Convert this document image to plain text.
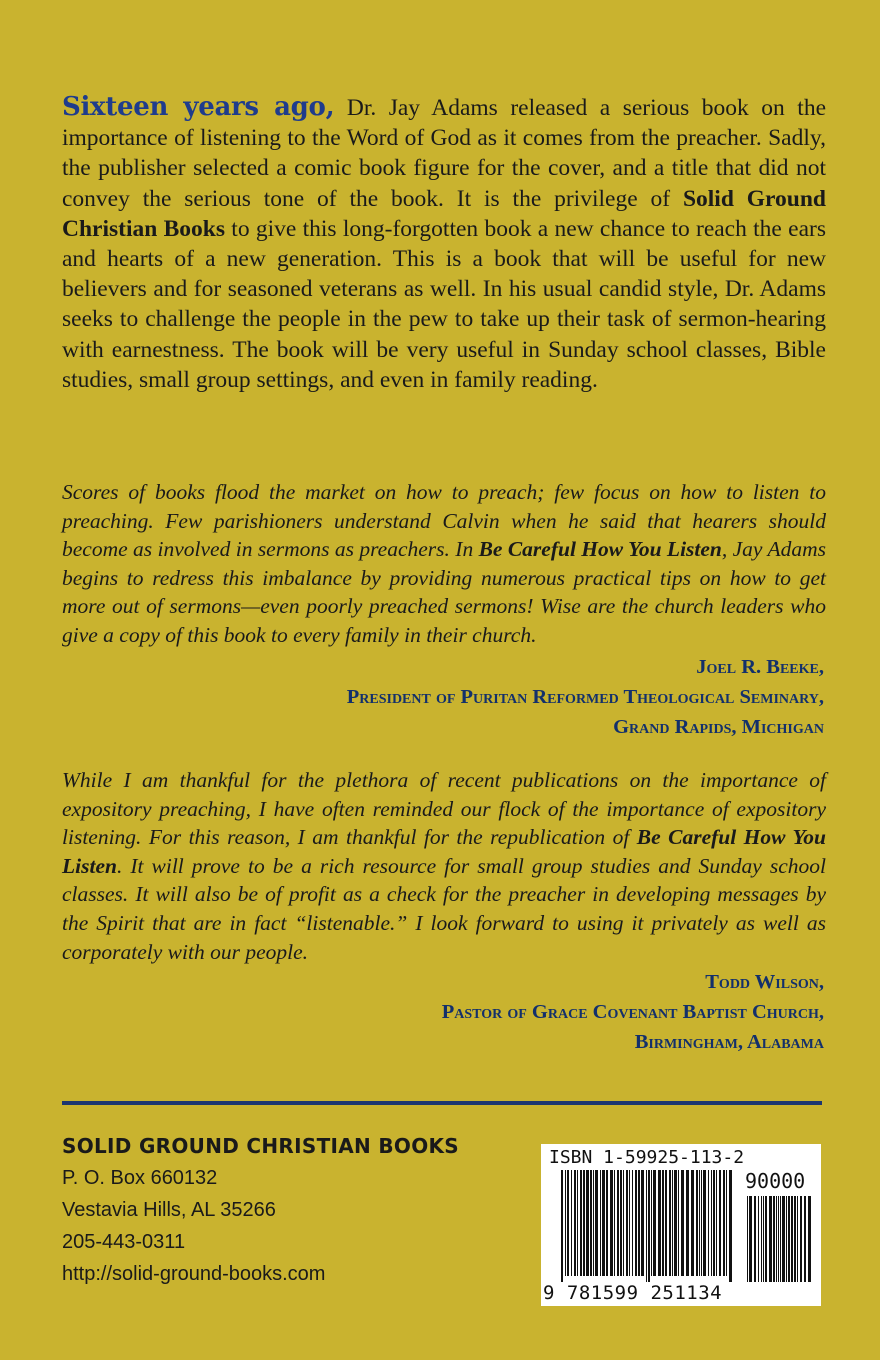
Sixteen years ago, Dr. Jay Adams released a serious book on the importance of listening to the Word of God as it comes from the preacher. Sadly, the publisher selected a comic book figure for the cover, and a title that did not convey the serious tone of the book. It is the privilege of Solid Ground Christian Books to give this long-forgotten book a new chance to reach the ears and hearts of a new generation. This is a book that will be useful for new believers and for seasoned veterans as well. In his usual candid style, Dr. Adams seeks to challenge the people in the pew to take up their task of sermon-hearing with earnestness. The book will be very useful in Sunday school classes, Bible studies, small group settings, and even in family reading.

Scores of books flood the market on how to preach; few focus on how to listen to preaching. Few parishioners understand Calvin when he said that hearers should become as involved in sermons as preachers. In Be Careful How You Listen, Jay Adams begins to redress this imbalance by providing numerous practical tips on how to get more out of sermons—even poorly preached sermons! Wise are the church leaders who give a copy of this book to every family in their church.

Joel R. Beeke,
President of Puritan Reformed Theological Seminary,
Grand Rapids, Michigan

While I am thankful for the plethora of recent publications on the importance of expository preaching, I have often reminded our flock of the importance of expository listening. For this reason, I am thankful for the republication of Be Careful How You Listen. It will prove to be a rich resource for small group studies and Sunday school classes. It will also be of profit as a check for the preacher in developing messages by the Spirit that are in fact “listenable.” I look forward to using it privately as well as corporately with our people.

Todd Wilson,
Pastor of Grace Covenant Baptist Church,
Birmingham, Alabama
SOLID GROUND CHRISTIAN BOOKS
P. O. Box 660132
Vestavia Hills, AL 35266
205-443-0311
http://solid-ground-books.com
ISBN 1-59925-113-2
90000
9 781599 251134
